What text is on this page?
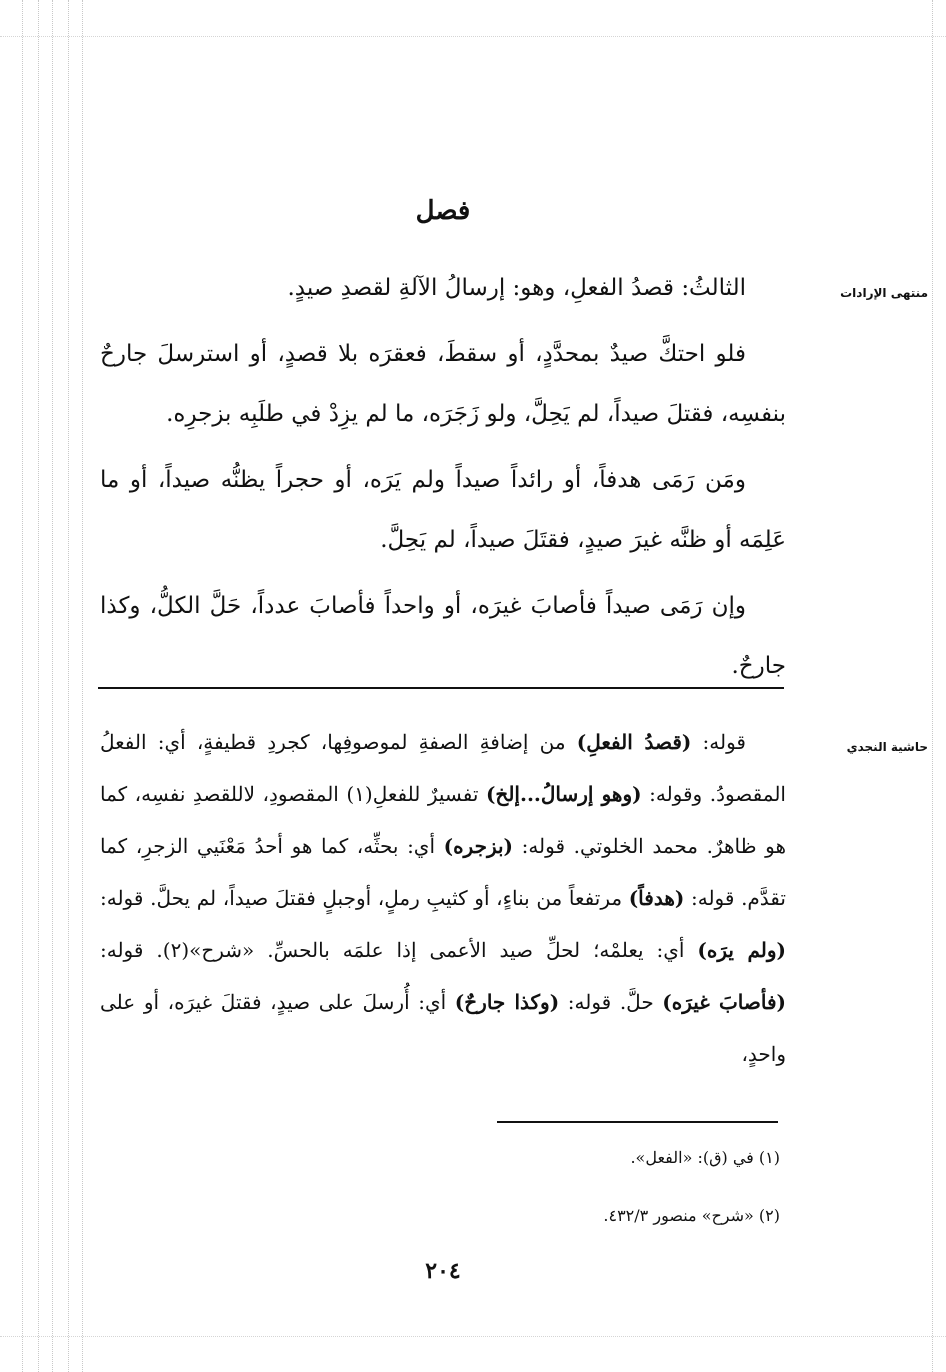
فصل
منتهى الإرادات
حاشية النجدي

الثالثُ: قصدُ الفعلِ، وهو: إرسالُ الآلةِ لقصدِ صيدٍ.

فلو احتكَّ صيدٌ بمحدَّدٍ، أو سقطَ، فعقرَه بلا قصدٍ، أو استرسلَ جارحٌ بنفسِه، فقتلَ صيداً، لم يَحِلَّ، ولو زَجَرَه، ما لم يزِدْ في طلَبِه بزجرِه.

ومَن رَمَى هدفاً، أو رائداً صيداً ولم يَرَه، أو حجراً يظنُّه صيداً، أو ما عَلِمَه أو ظنَّه غيرَ صيدٍ، فقتَلَ صيداً، لم يَحِلَّ.

وإن رَمَى صيداً فأصابَ غيرَه، أو واحداً فأصابَ عدداً، حَلَّ الكلُّ، وكذا جارحٌ.

قوله: (قصدُ الفعلِ) من إضافةِ الصفةِ لموصوفِها، كجردِ قطيفةٍ، أي: الفعلُ المقصودُ. وقوله: (وهو إرسالُ...إلخ) تفسيرٌ للفعلِ(١) المقصودِ، لاللقصدِ نفسِه، كما هو ظاهرٌ. محمد الخلوتي. قوله: (بزجره) أي: بحثِّه، كما هو أحدُ مَعْنَيي الزجرِ، كما تقدَّم. قوله: (هدفاً) مرتفعاً من بناءٍ، أو كثيبِ رملٍ، أوجبلٍ فقتلَ صيداً، لم يحلَّ. قوله: (ولم يرَه) أي: يعلمْه؛ لحلِّ صيد الأعمى إذا علمَه بالحسِّ. «شرح»(٢). قوله: (فأصابَ غيرَه) حلَّ. قوله: (وكذا جارحٌ) أي: أُرسلَ على صيدٍ، فقتلَ غيرَه، أو على واحدٍ،

(١) في (ق): «الفعل».
(٢) «شرح» منصور ٤٣٢/٣.
٢٠٤
